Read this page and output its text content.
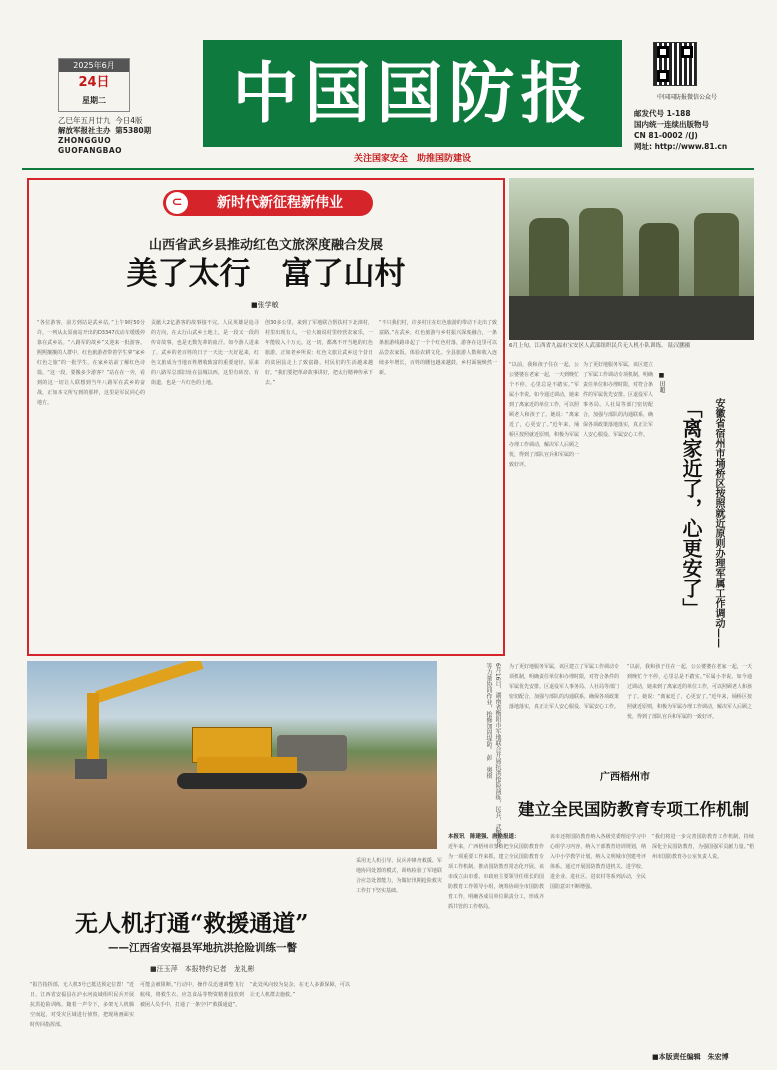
2025年6月
24日
星期二
乙巳年五月廿九 今日4版
解放军报社主办 第5380期
ZHONGGUO GUOFANGBAO
中国国防报
关注国家安全　助推国防建设
中国国防报微信公众号
邮发代号 1-188
国内统一连续出版物号
CN 81-0002 /(J)
网址: http://www.81.cn
⊂	新时代新征程新伟业
山西省武乡县推动红色文旅深度融合发展
美了太行　富了山村
■张学敏
“各位游客，前方到站是武乡站。”上午9时50分许，一列从太原南站开出的D3347次动车缓缓停靠在武乡站。“八路军的故乡”又迎来一批游客。熙熙攘攘的人群中，红色旅游者带着学生拿“家乡红色之旅”的一批学生，在家乡站前了解红色诗篇。“这一段，要搬多少游客？”站在在一旁，看到的这一切让人联想到当年八路军在武乡的奋战，正如本文所写到的那样，这里是军民同心的地方。
贡献大2亿游客的故事接不完。人民英雄是追寻的方向，在太行山武乡土地上，是一段又一段的传奇故事，也是无数先辈的血汗。如今游人进来了，武乡的老百姓的日子一天比一天好起来，红色文旅成为当地百姓增收致富的重要途径。原来的八路军总部旧址在县城以西，这里有砖窑、有街道，也是一片红色的土地。
创30多公里，来到了军地联合帮扶村下北漳村，村里出现有人，一位大娘说村里经营农家乐，一年能收入十万元。这一切，都离不开当地的红色旅游，正如老乡所说：红色文旅让武乡这个昔日的贫困县走上了致富路，村民们的生活越来越好。“我们要把革命故事讲好，把太行精神传承下去。”
“不只我们村，许多村庄在红色旅游的带动下走出了致富路。”在武乡，红色旅游与乡村振兴深度融合，一条条旅游线路串起了一个个红色村落，游客在这里可以品尝农家饭、体验农耕文化。全县旅游人数和收入连续多年增长，百姓的腰包越来越鼓，乡村面貌焕然一新。
6月上旬，江西省九福市宝安区人武部组织民兵无人机小队训练。 陆汉鹏摄
“以前，我和孩子住在一起，公公婆婆在老家一起，一天到晚忙个不停，心里总是不踏实。”军属小李说。如今通过调动，她来到了离家近的单位工作，可以照顾老人和孩子了。她说：“离家近了，心更安了。”近年来，埇桥区按照就近原则，积极为军属办理工作调动，解决军人后顾之忧，得到了部队官兵和军属的一致好评。
为了更好地服务军属，该区建立了军属工作调动专项机制，明确责任单位和办理时限，对符合条件的军属优先安排。区退役军人事务局、人社局等部门密切配合，加强与部队的沟通联系，确保各项政策落地落实，真正让军人安心服役、军属安心工作。 「离家近了，心更安了」	安徽省宿州市埇桥区按照就近原则办理军属工作调动——
■ 田超
为了更好地服务军属，该区建立了军属工作调动专项机制，明确责任单位和办理时限，对符合条件的军属优先安排。区退役军人事务局、人社局等部门密切配合，加强与部队的沟通联系，确保各项政策落地落实，真正让军人安心服役、军属安心工作。
“以前，我和孩子住在一起，公公婆婆在老家一起，一天到晚忙个不停，心里总是不踏实。”军属小李说。如今通过调动，她来到了离家近的单位工作，可以照顾老人和孩子了。她说：“离家近了，心更安了。”近年来，埇桥区按照就近原则，积极为军属办理工作调动，解决军人后顾之忧，得到了部队官兵和军属的一致好评。
6月16日，湖南省衡阳市军地联合开展抗洪抢险演练，民兵、武警官兵等力量协同作业，抢修加固堤防。 彭　奥摄	广西梧州市
建立全民国防教育专项工作机制
本报讯　陈建强、唐艳报道：
近年来，广西梧州市坚持把全民国防教育作为一项重要工作来抓，建立全民国防教育专项工作机制，推动国防教育常态化开展。该市成立由市委、市政府主要领导任组长的国防教育工作领导小组，统筹协调全市国防教育工作，明确各成员单位职责分工，形成齐抓共管的工作格局。
该市还将国防教育纳入各级党委理论学习中心组学习内容，纳入干部教育培训规划，纳入中小学教学计划，纳入文明城市创建考评体系。通过开展国防教育进机关、进学校、进企业、进社区、进农村等系列活动，全民国防意识不断增强。
“我们将进一步完善国防教育工作机制，持续深化全民国防教育，为强国强军贡献力量。”梧州市国防教育办公室负责人说。
■本版责任编辑　朱宏博
无人机打通“救援通道”
——江西省安福县军地抗洪抢险训练一瞥
■汪玉萍　本报特约记者　龙礼彬
“报告指挥部，无人机3号已抵达预定位置！”近日，江西省安福县在泸水河流域组织民兵开展抗洪抢险训练。随着一声令下，多架无人机腾空而起，对受灾区域进行侦察，把现场画面实时传回指挥部。
可能会被阻断。”行动中，操作员迅速调整飞行航线，将救生衣、应急食品等物资精准投放到被困人员手中，打通了一条空中“救援通道”。
“此处风向较为复杂，在无人多源保障，可以让无人机群去施救。”
采用无人机引导、民兵冲锋舟救援、军地协同处置的模式，训练检验了军地联合应急处置能力，为做好汛期抢险救灾工作打下坚实基础。
